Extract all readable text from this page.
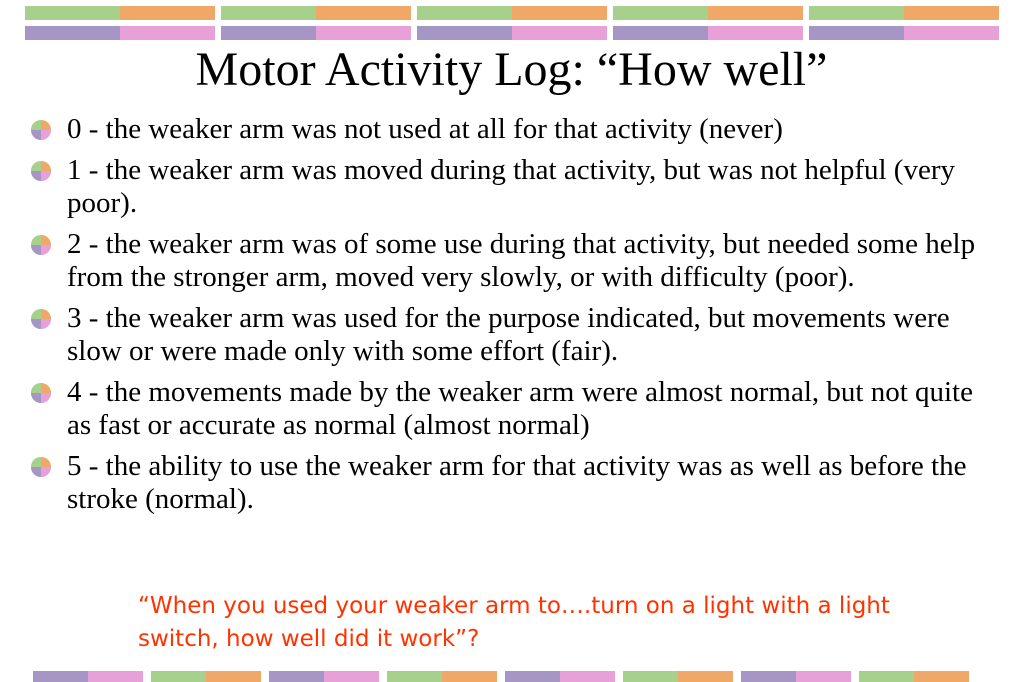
Motor Activity Log: “How well”
0 - the weaker arm was not used at all for that activity (never)
1 - the weaker arm was moved during that activity, but was not helpful (very poor).
2 - the weaker arm was of some use during that activity, but needed some help from the stronger arm, moved very slowly, or with difficulty (poor).
3 - the weaker arm was used for the purpose indicated, but movements were slow or were made only with some effort (fair).
4 - the movements made by the weaker arm were almost normal, but not quite as fast or accurate as normal (almost normal)
5 - the ability to use the weaker arm for that activity was as well as before the stroke (normal).
“When you used your weaker arm to….turn on a light with a light switch, how well did it work”?
